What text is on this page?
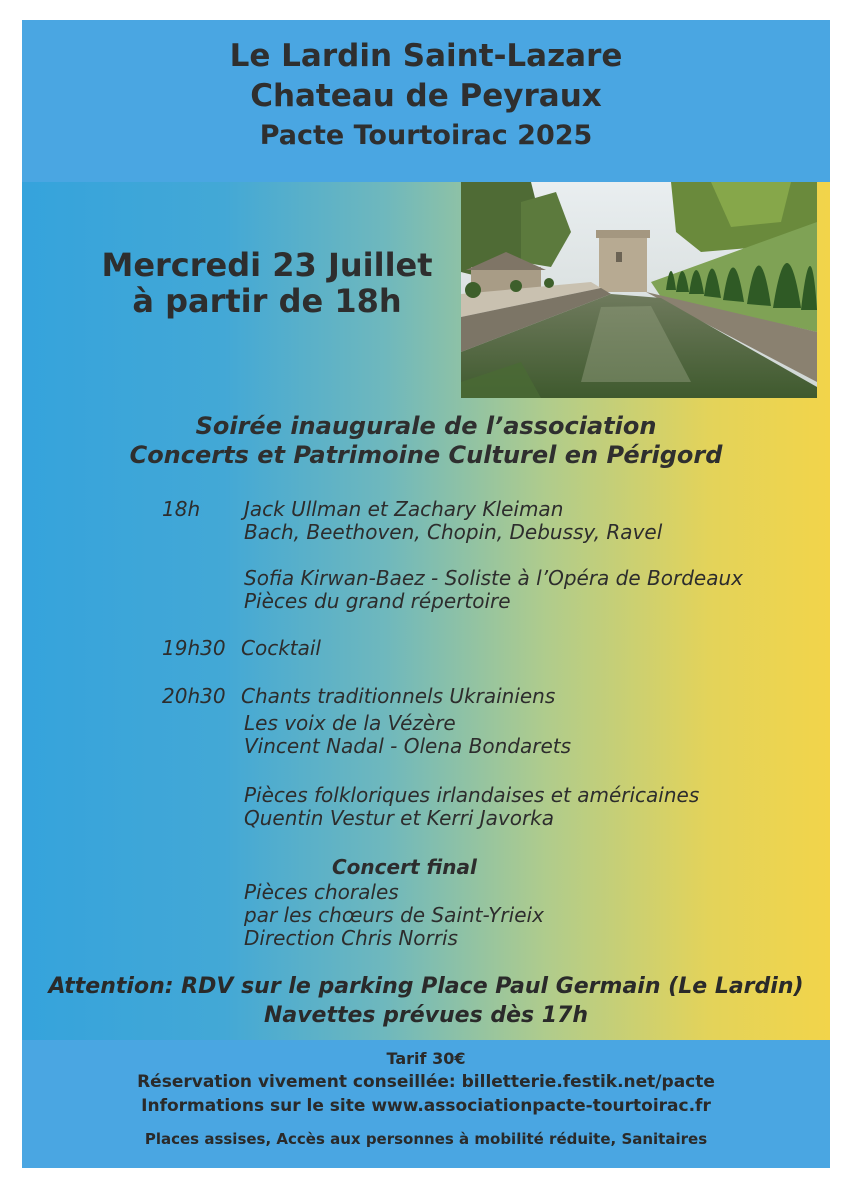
Le Lardin Saint-Lazare
Chateau de Peyraux
Pacte Tourtoirac 2025
Mercredi 23 Juillet
à partir de 18h
Soirée inaugurale de l’association
Concerts et Patrimoine Culturel en Périgord
18h Jack Ullman et Zachary Kleiman
Bach, Beethoven, Chopin, Debussy, Ravel
Sofia Kirwan-Baez - Soliste à l’Opéra de Bordeaux
Pièces du grand répertoire
19h30 Cocktail
20h30 Chants traditionnels Ukrainiens
Les voix de la Vézère
Vincent Nadal - Olena Bondarets
Pièces folkloriques irlandaises et américaines
Quentin Vestur et Kerri Javorka
Concert final
Pièces chorales
par les chœurs de Saint-Yrieix
Direction Chris Norris
Attention: RDV sur le parking Place Paul Germain (Le Lardin)
Navettes prévues dès 17h
Tarif 30€
Réservation vivement conseillée: billetterie.festik.net/pacte
Informations sur le site www.associationpacte-tourtoirac.fr
Places assises, Accès aux personnes à mobilité réduite, Sanitaires
